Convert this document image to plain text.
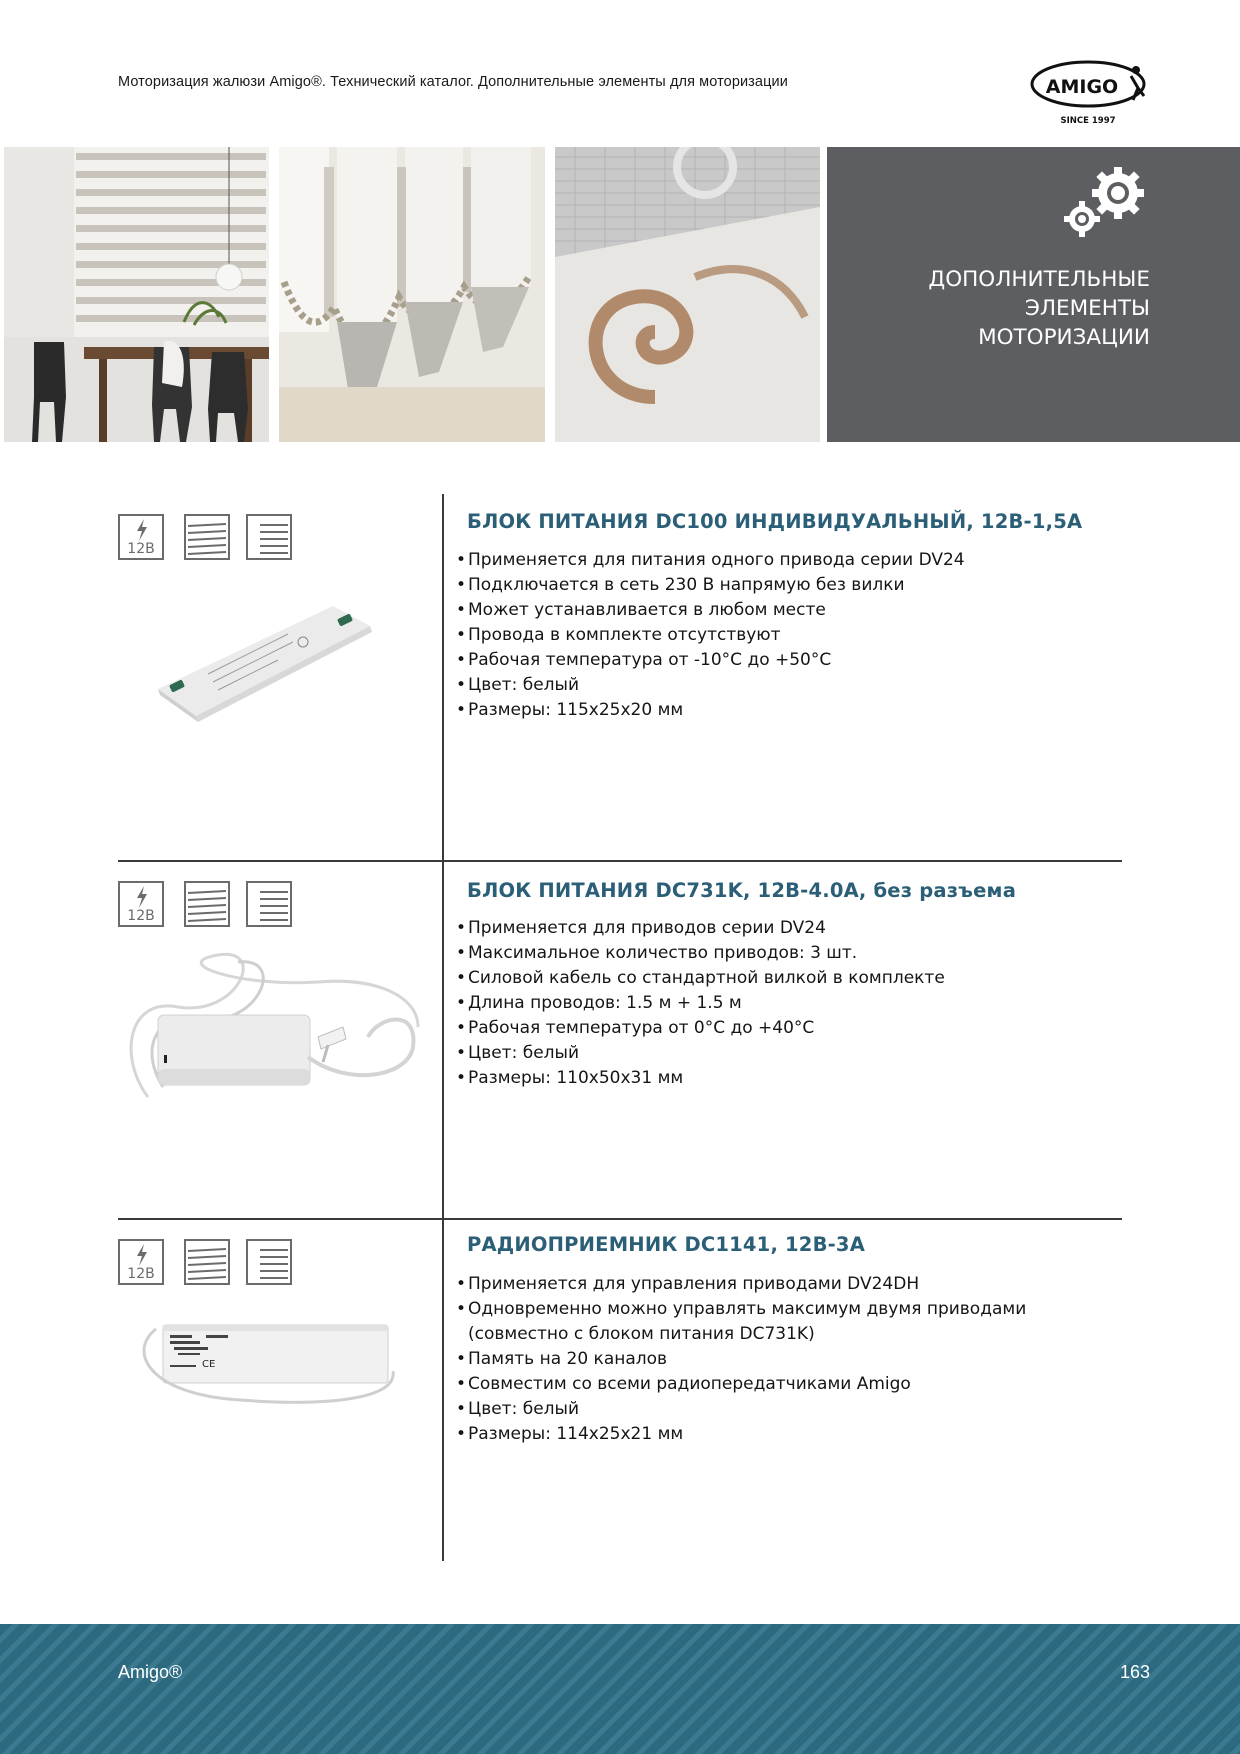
Моторизация жалюзи Amigo®. Технический каталог. Дополнительные элементы для моторизации	AMIGO
SINCE 1997
ДОПОЛНИТЕЛЬНЫЕ
ЭЛЕМЕНТЫ
МОТОРИЗАЦИИ
12В
БЛОК ПИТАНИЯ DC100 ИНДИВИДУАЛЬНЫЙ, 12В-1,5А
• Применяется для питания одного привода серии DV24
• Подключается в сеть 230 В напрямую без вилки
• Может устанавливается в любом месте
• Провода в комплекте отсутствуют
• Рабочая температура от -10°C до +50°C
• Цвет: белый
• Размеры: 115x25x20 мм
12В
БЛОК ПИТАНИЯ DC731K, 12В-4.0А, без разъема
• Применяется для приводов серии DV24
• Максимальное количество приводов: 3 шт.
• Силовой кабель со стандартной вилкой в комплекте
• Длина проводов: 1.5 м + 1.5 м
• Рабочая температура от 0°C до +40°C
• Цвет: белый
• Размеры: 110x50x31 мм
12В
CE
РАДИОПРИЕМНИК DC1141, 12В-3А
• Применяется для управления приводами DV24DH
• Одновременно можно управлять максимум двумя приводами
(совместно с блоком питания DC731K)
• Память на 20 каналов
• Совместим со всеми радиопередатчиками Amigo
• Цвет: белый
• Размеры: 114x25x21 мм
Amigo®	163
